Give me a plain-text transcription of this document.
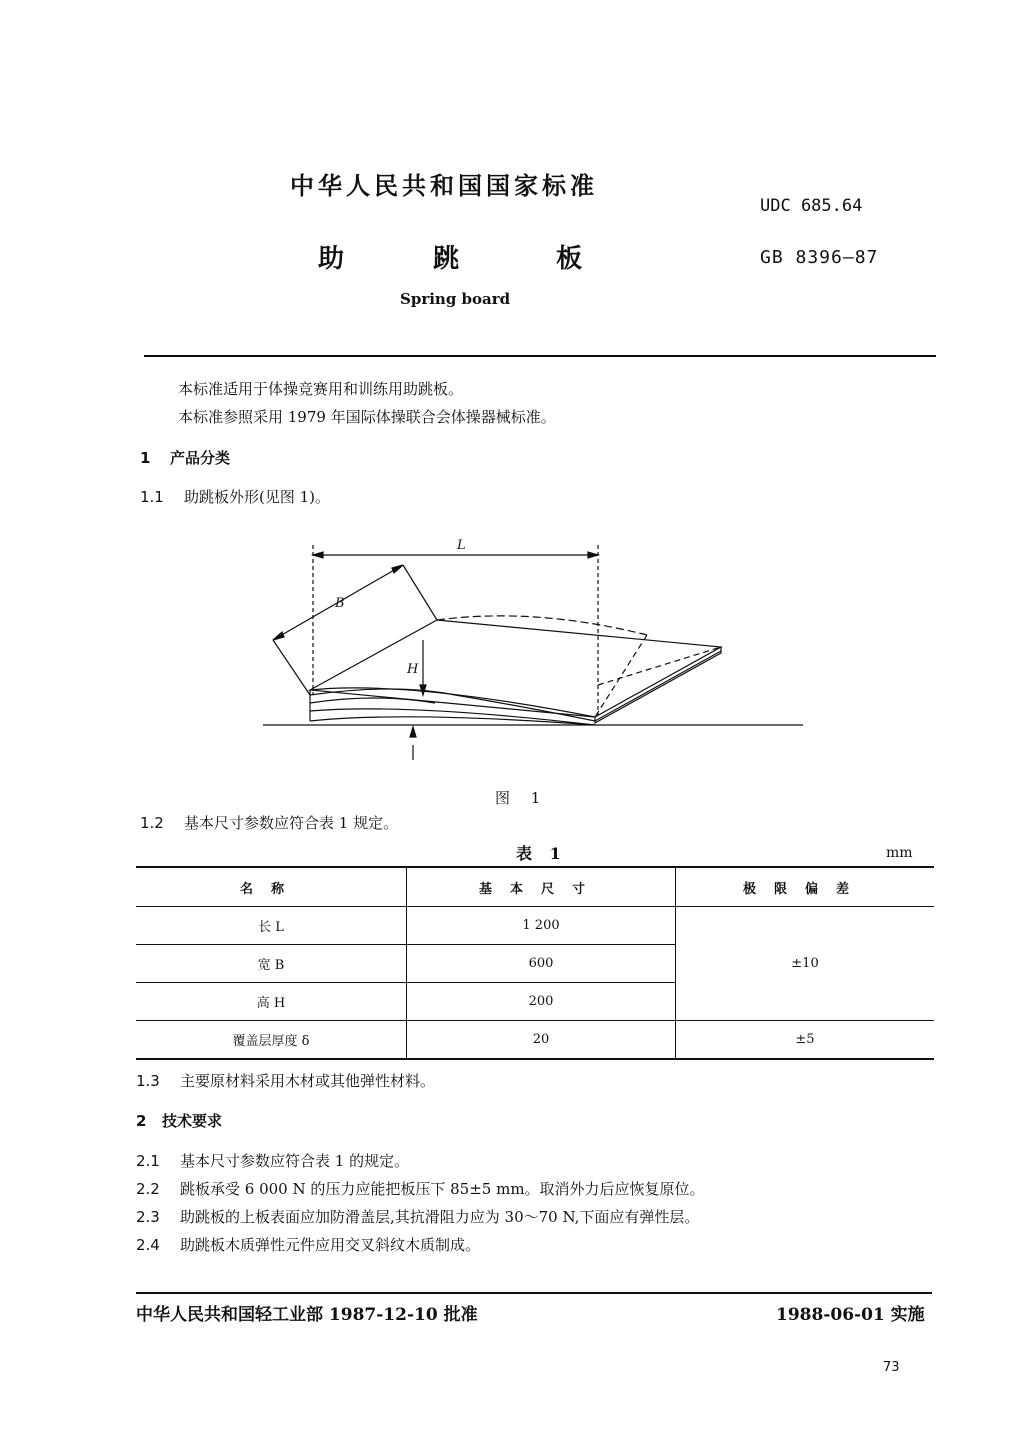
中华人民共和国国家标准
UDC 685.64
助	跳	板	GB 8396—87
Spring board
本标准适用于体操竞赛用和训练用助跳板。
本标准参照采用 1979 年国际体操联合会体操器械标准。
1 产品分类
1.1 助跳板外形(见图 1)。
L
B
H
图 1
1.2 基本尺寸参数应符合表 1 规定。
表 1	mm
名称	基本尺寸	极限偏差
长 L	1 200	±10
宽 B	600	
高 H	200	
覆盖层厚度 δ	20	±5
1.3 主要原材料采用木材或其他弹性材料。
2 技术要求
2.1 基本尺寸参数应符合表 1 的规定。
2.2 跳板承受 6 000 N 的压力应能把板压下 85±5 mm。取消外力后应恢复原位。
2.3 助跳板的上板表面应加防滑盖层,其抗滑阻力应为 30～70 N,下面应有弹性层。
2.4 助跳板木质弹性元件应用交叉斜纹木质制成。
中华人民共和国轻工业部 1987-12-10 批准	1988-06-01 实施
73
